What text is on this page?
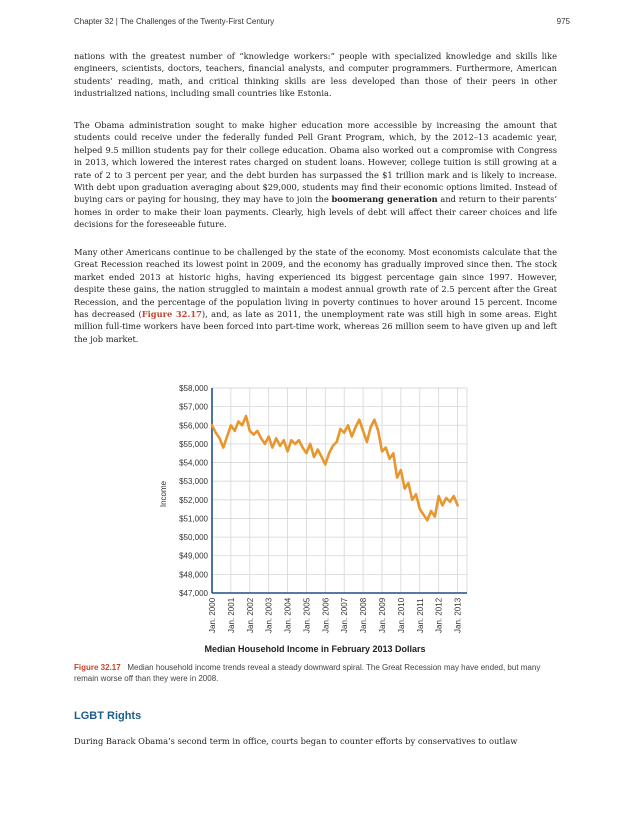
Chapter 32 | The Challenges of the Twenty-First Century	975

nations with the greatest number of “knowledge workers:” people with specialized knowledge and skills like engineers, scientists, doctors, teachers, financial analysts, and computer programmers. Furthermore, American students’ reading, math, and critical thinking skills are less developed than those of their peers in other industrialized nations, including small countries like Estonia.

The Obama administration sought to make higher education more accessible by increasing the amount that students could receive under the federally funded Pell Grant Program, which, by the 2012–13 academic year, helped 9.5 million students pay for their college education. Obama also worked out a compromise with Congress in 2013, which lowered the interest rates charged on student loans. However, college tuition is still growing at a rate of 2 to 3 percent per year, and the debt burden has surpassed the $1 trillion mark and is likely to increase. With debt upon graduation averaging about $29,000, students may find their economic options limited. Instead of buying cars or paying for housing, they may have to join the boomerang generation and return to their parents’ homes in order to make their loan payments. Clearly, high levels of debt will affect their career choices and life decisions for the foreseeable future.

Many other Americans continue to be challenged by the state of the economy. Most economists calculate that the Great Recession reached its lowest point in 2009, and the economy has gradually improved since then. The stock market ended 2013 at historic highs, having experienced its biggest percentage gain since 1997. However, despite these gains, the nation struggled to maintain a modest annual growth rate of 2.5 percent after the Great Recession, and the percentage of the population living in poverty continues to hover around 15 percent. Income has decreased (Figure 32.17), and, as late as 2011, the unemployment rate was still high in some areas. Eight million full-time workers have been forced into part-time work, whereas 26 million seem to have given up and left the job market.

$47,000
$48,000
$49,000
$50,000
$51,000
$52,000
$53,000
$54,000
$55,000
$56,000
$57,000
$58,000
Jan. 2000 Jan. 2001 Jan. 2002 Jan. 2003 Jan. 2004 Jan. 2005 Jan. 2006 Jan. 2007 Jan. 2008 Jan. 2009 Jan. 2010 Jan. 2011 Jan. 2012 Jan. 2013
Income
Median Household Income in February 2013 Dollars

Figure 32.17 Median household income trends reveal a steady downward spiral. The Great Recession may have ended, but many remain worse off than they were in 2008.

LGBT Rights

During Barack Obama’s second term in office, courts began to counter efforts by conservatives to outlaw
